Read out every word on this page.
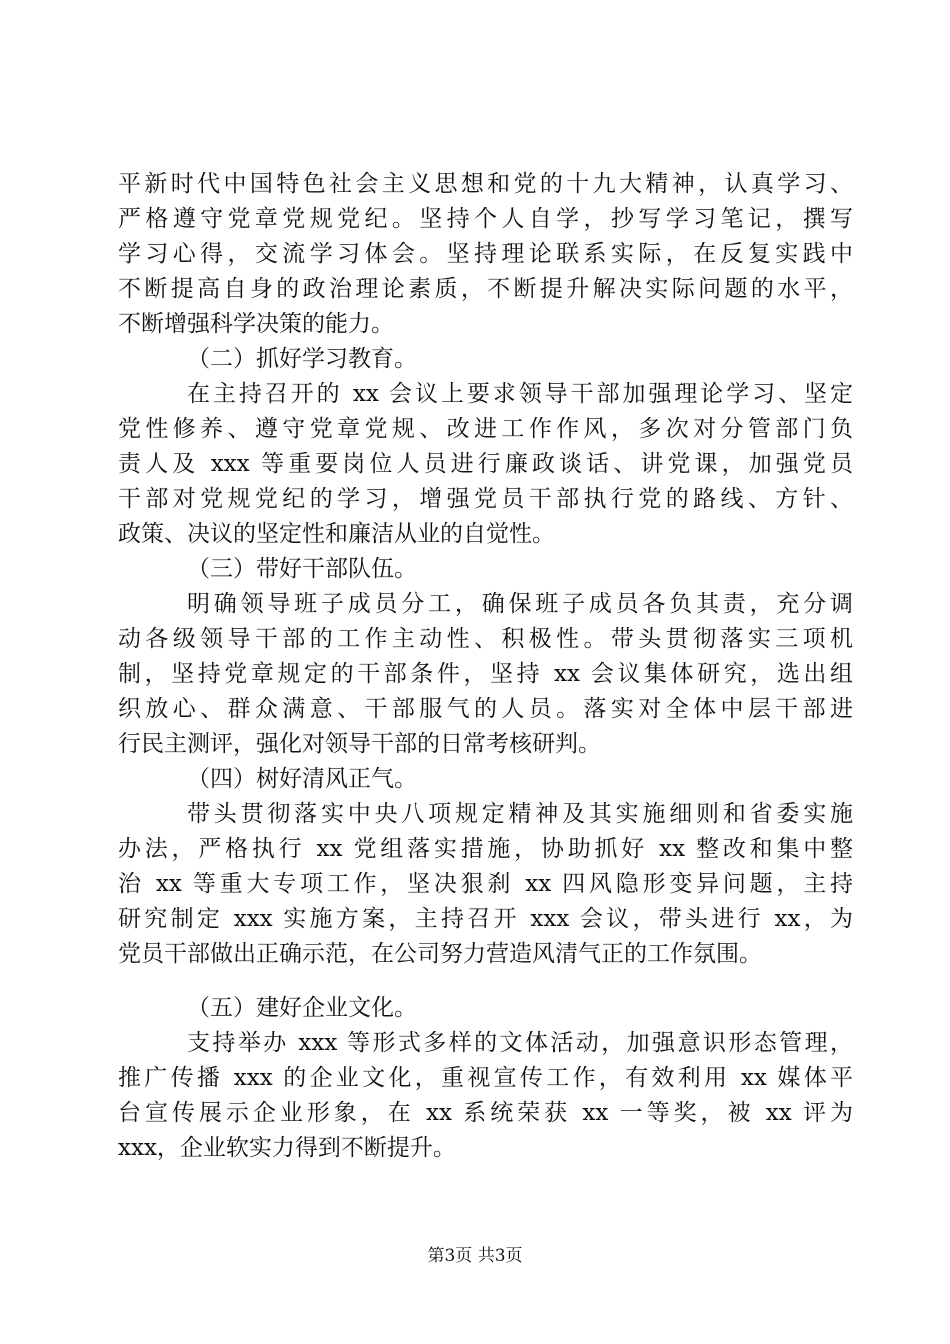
平新时代中国特色社会主义思想和党的十九大精神，认真学习、
严格遵守党章党规党纪。坚持个人自学，抄写学习笔记，撰写
学习心得，交流学习体会。坚持理论联系实际，在反复实践中
不断提高自身的政治理论素质，不断提升解决实际问题的水平，
不断增强科学决策的能力。
（二）抓好学习教育。
在主持召开的 xx 会议上要求领导干部加强理论学习、坚定
党性修养、遵守党章党规、改进工作作风，多次对分管部门负
责人及 xxx 等重要岗位人员进行廉政谈话、讲党课，加强党员
干部对党规党纪的学习，增强党员干部执行党的路线、方针、
政策、决议的坚定性和廉洁从业的自觉性。
（三）带好干部队伍。
明确领导班子成员分工，确保班子成员各负其责，充分调
动各级领导干部的工作主动性、积极性。带头贯彻落实三项机
制，坚持党章规定的干部条件，坚持 xx 会议集体研究，选出组
织放心、群众满意、干部服气的人员。落实对全体中层干部进
行民主测评，强化对领导干部的日常考核研判。
（四）树好清风正气。
带头贯彻落实中央八项规定精神及其实施细则和省委实施
办法，严格执行 xx 党组落实措施，协助抓好 xx 整改和集中整
治 xx 等重大专项工作，坚决狠刹 xx 四风隐形变异问题，主持
研究制定 xxx 实施方案，主持召开 xxx 会议，带头进行 xx，为
党员干部做出正确示范，在公司努力营造风清气正的工作氛围。
（五）建好企业文化。
支持举办 xxx 等形式多样的文体活动，加强意识形态管理，
推广传播 xxx 的企业文化，重视宣传工作，有效利用 xx 媒体平
台宣传展示企业形象，在 xx 系统荣获 xx 一等奖，被 xx 评为
xxx，企业软实力得到不断提升。
第3页 共3页
